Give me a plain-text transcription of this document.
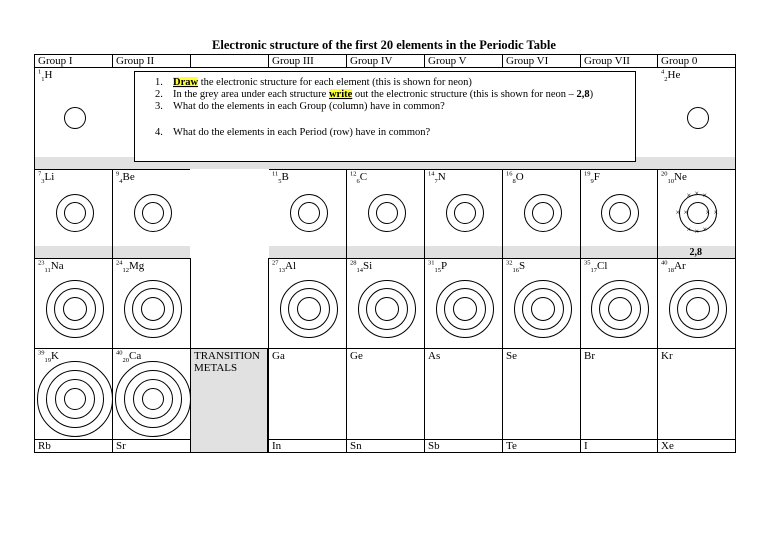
Electronic structure of the first 20 elements in the Periodic Table
Group I	Group II	Group III	Group IV	Group V	Group VI	Group VII	Group 0
$^1_1$H	$^4_2$He
$^7_3$Li	$^9_4$Be	$^{11}_5$B	$^{12}_6$C	$^{14}_7$N	$^{16}_8$O	$^{19}_9$F	$^{20}_{10}$Ne
2,8
× ×
×
× ×
×
×	×
× ×
$^{23}_{11}$Na	$^{24}_{12}$Mg	$^{27}_{13}$Al	$^{28}_{14}$Si	$^{31}_{15}$P	$^{32}_{16}$S	$^{35}_{17}$Cl	$^{40}_{18}$Ar
$^{39}_{19}$K	$^{40}_{20}$Ca	Ga	Ge	As	Se	Br	Kr
Rb	Sr	In	Sn	Sb	Te	I	Xe
1. Draw the electronic structure for each element (this is shown for neon)
2. In the grey area under each structure write out the electronic structure (this is shown for neon – 2,8)
3. What do the elements in each Group (column) have in common?
4. What do the elements in each Period (row) have in common?
TRANSITION METALS
